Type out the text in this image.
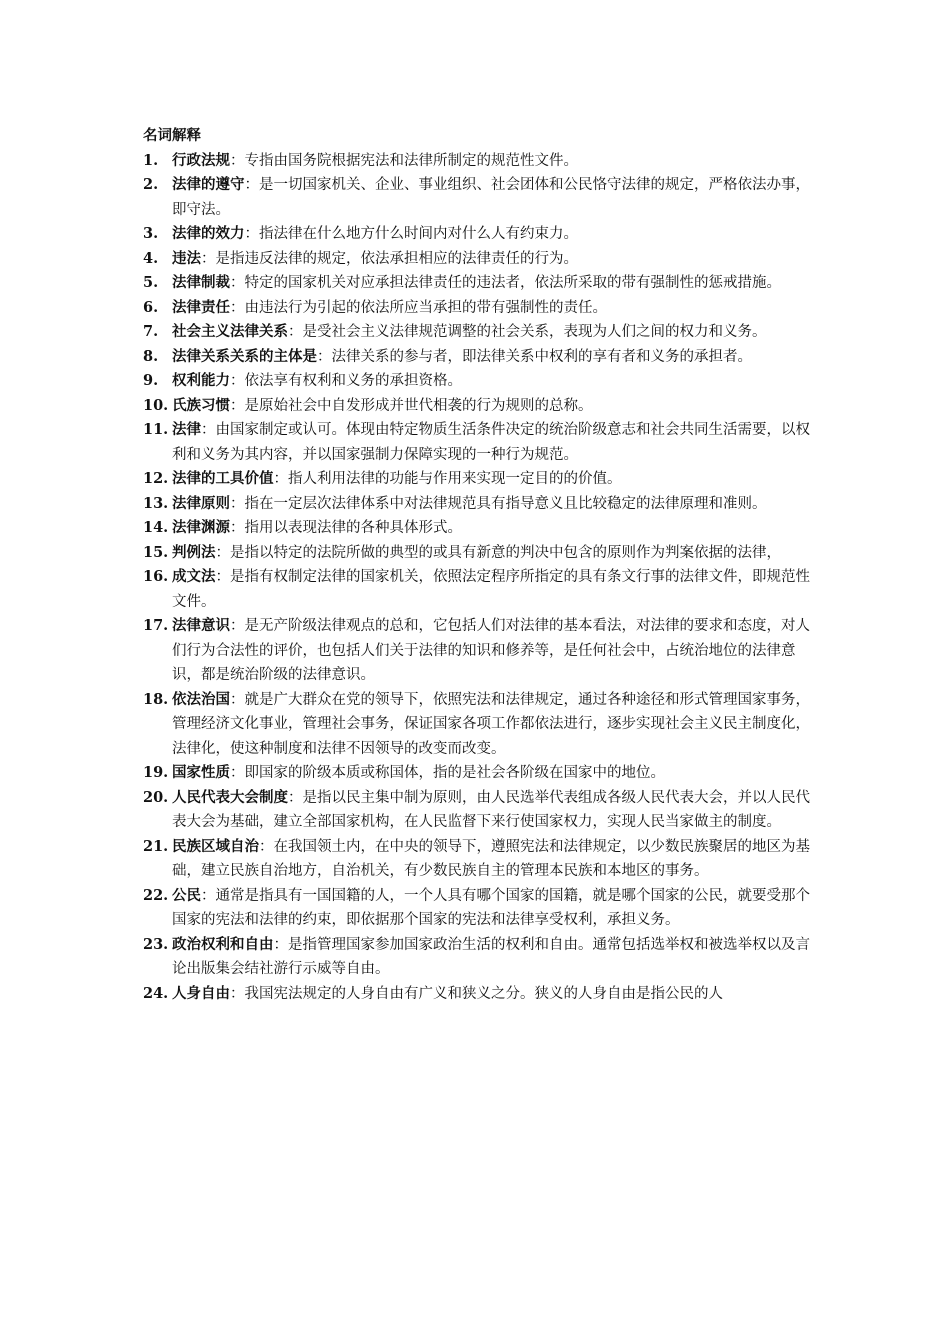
名词解释

1. 行政法规：专指由国务院根据宪法和法律所制定的规范性文件。
2. 法律的遵守：是一切国家机关、企业、事业组织、社会团体和公民恪守法律的规定，严格依法办事，即守法。
3. 法律的效力：指法律在什么地方什么时间内对什么人有约束力。
4. 违法：是指违反法律的规定，依法承担相应的法律责任的行为。
5. 法律制裁：特定的国家机关对应承担法律责任的违法者，依法所采取的带有强制性的惩戒措施。
6. 法律责任：由违法行为引起的依法所应当承担的带有强制性的责任。
7. 社会主义法律关系：是受社会主义法律规范调整的社会关系，表现为人们之间的权力和义务。
8. 法律关系关系的主体是：法律关系的参与者，即法律关系中权利的享有者和义务的承担者。
9. 权利能力：依法享有权利和义务的承担资格。
10. 氏族习惯：是原始社会中自发形成并世代相袭的行为规则的总称。
11. 法律：由国家制定或认可。体现由特定物质生活条件决定的统治阶级意志和社会共同生活需要，以权利和义务为其内容，并以国家强制力保障实现的一种行为规范。
12. 法律的工具价值：指人利用法律的功能与作用来实现一定目的的价值。
13. 法律原则：指在一定层次法律体系中对法律规范具有指导意义且比较稳定的法律原理和准则。
14. 法律渊源：指用以表现法律的各种具体形式。
15. 判例法：是指以特定的法院所做的典型的或具有新意的判决中包含的原则作为判案依据的法律，
16. 成文法：是指有权制定法律的国家机关，依照法定程序所指定的具有条文行事的法律文件，即规范性文件。
17. 法律意识：是无产阶级法律观点的总和，它包括人们对法律的基本看法，对法律的要求和态度，对人们行为合法性的评价，也包括人们关于法律的知识和修养等，是任何社会中，占统治地位的法律意识，都是统治阶级的法律意识。
18. 依法治国：就是广大群众在党的领导下，依照宪法和法律规定，通过各种途径和形式管理国家事务，管理经济文化事业，管理社会事务，保证国家各项工作都依法进行，逐步实现社会主义民主制度化，法律化，使这种制度和法律不因领导的改变而改变。
19. 国家性质：即国家的阶级本质或称国体，指的是社会各阶级在国家中的地位。
20. 人民代表大会制度：是指以民主集中制为原则，由人民选举代表组成各级人民代表大会，并以人民代表大会为基础，建立全部国家机构，在人民监督下来行使国家权力，实现人民当家做主的制度。
21. 民族区域自治：在我国领土内，在中央的领导下，遵照宪法和法律规定，以少数民族聚居的地区为基础，建立民族自治地方，自治机关，有少数民族自主的管理本民族和本地区的事务。
22. 公民：通常是指具有一国国籍的人，一个人具有哪个国家的国籍，就是哪个国家的公民，就要受那个国家的宪法和法律的约束，即依据那个国家的宪法和法律享受权利，承担义务。
23. 政治权利和自由：是指管理国家参加国家政治生活的权利和自由。通常包括选举权和被选举权以及言论出版集会结社游行示威等自由。
24. 人身自由：我国宪法规定的人身自由有广义和狭义之分。狭义的人身自由是指公民的人
